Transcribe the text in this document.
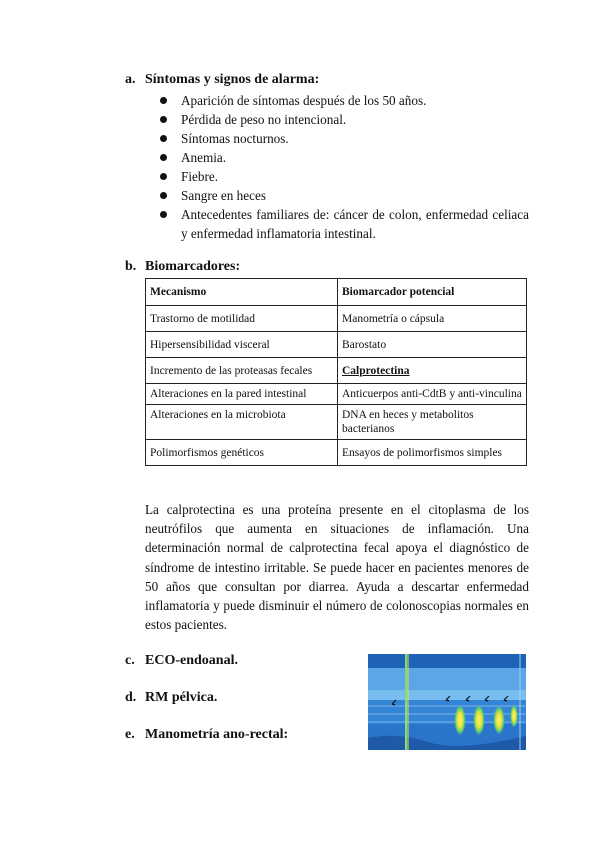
a. Síntomas y signos de alarma:
Aparición de síntomas después de los 50 años.
Pérdida de peso no intencional.
Síntomas nocturnos.
Anemia.
Fiebre.
Sangre en heces
Antecedentes familiares de: cáncer de colon, enfermedad celiaca y enfermedad inflamatoria intestinal.
b. Biomarcadores:
Mecanismo	Biomarcador potencial
Trastorno de motilidad	Manometría o cápsula
Hipersensibilidad visceral	Barostato
Incremento de las proteasas fecales	Calprotectina
Alteraciones en la pared intestinal	Anticuerpos anti-CdtB y anti-vinculina
Alteraciones en la microbiota	DNA en heces y metabolitos bacterianos
Polimorfismos genéticos	Ensayos de polimorfismos simples
La calprotectina es una proteína presente en el citoplasma de los neutrófilos que aumenta en situaciones de inflamación. Una determinación normal de calprotectina fecal apoya el diagnóstico de síndrome de intestino irritable. Se puede hacer en pacientes menores de 50 años que consultan por diarrea. Ayuda a descartar enfermedad inflamatoria y puede disminuir el número de colonoscopias normales en estos pacientes.
c. ECO-endoanal.
d. RM pélvica.
e. Manometría ano-rectal:
